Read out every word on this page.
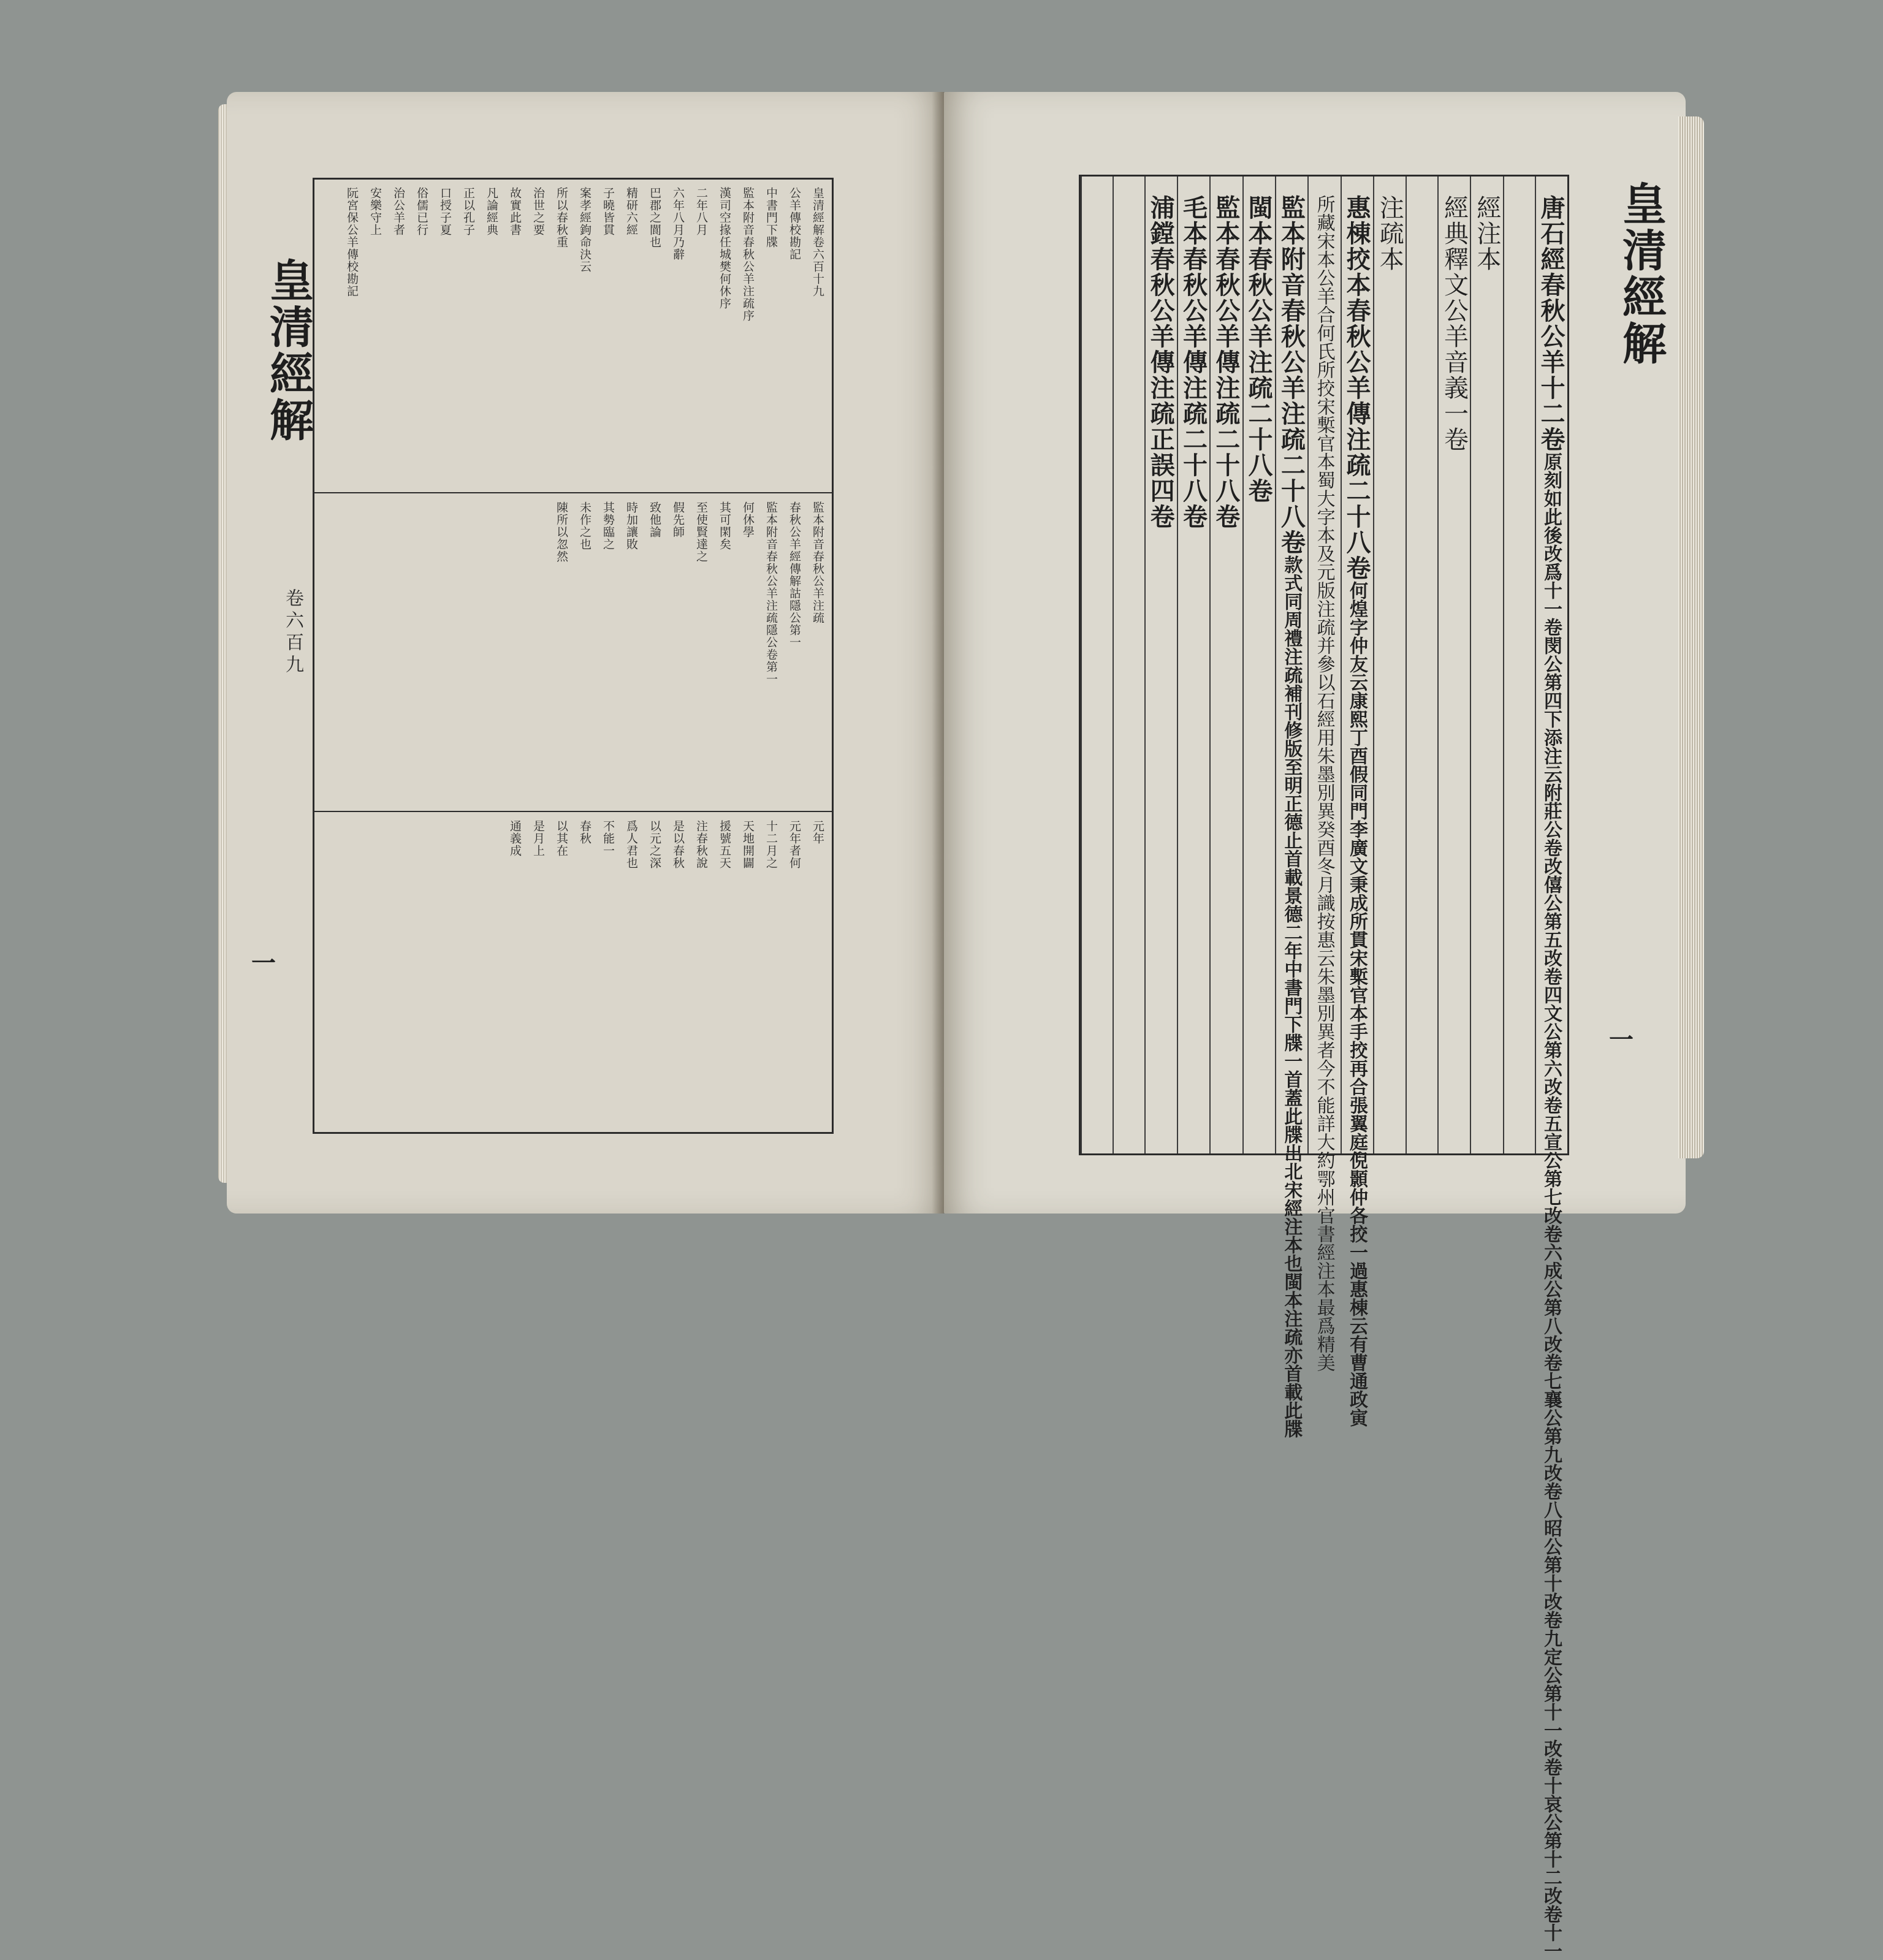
皇清經解
卷六百九
一
皇清經解卷六百十九
公羊傳校勘記
中書門下牒
監本附音春秋公羊注疏序
漢司空掾任城樊何休序
二年八月
六年八月乃辭
巴郡之閬也
精研六經
子曉皆貫
案孝經鉤命決云
所以春秋重
治世之要
故實此書
凡論經典
正以孔子
口授子夏
俗儒已行
治公羊者
安樂守上
阮宮保公羊傳校勘記
監本附音春秋公羊注疏
春秋公羊經傳解詁隱公第一
監本附音春秋公羊注疏隱公卷第一
何休學
其可閑矣
至使賢達之
假先師
致他論
時加讓敗
其勢臨之
未作之也
陳所以忽然
元年
元年者何
十二月之
天地開闢
援號五天
注春秋說
是以春秋
以元之深
爲人君也
不能一
春秋
以其在
是月上
通義成
唐石經春秋公羊十二卷原刻如此後改爲十一卷閔公第四下添注云附莊公卷改僖公第五改卷四文公第六改卷五宣公第七改卷六成公第八改卷七襄公第九改卷八昭公第十改卷九定公第十一改卷十哀公第十二改卷十一
經注本
經典釋文公羊音義一卷
注疏本
惠棟挍本春秋公羊傳注疏二十八卷何煌字仲友云康熙丁酉假同門李廣文秉成所貫宋槧官本手挍再合張翼庭倪顥仲各挍一過惠棟云有曹通政寅
所藏宋本公羊合何氏所挍宋槧官本蜀大字本及元版注疏并參以石經用朱墨別異癸酉冬月識按惠云朱墨別異者今不能詳大約鄂州官書經注本最爲精美
監本附音春秋公羊注疏二十八卷款式同周禮注疏補刊修版至明正德止首載景德二年中書門下牒一首蓋此牒出北宋經注本也閩本注疏亦首載此牒
閩本春秋公羊注疏二十八卷
監本春秋公羊傳注疏二十八卷
毛本春秋公羊傳注疏二十八卷
浦鏜春秋公羊傳注疏正誤四卷	皇清經解
一
